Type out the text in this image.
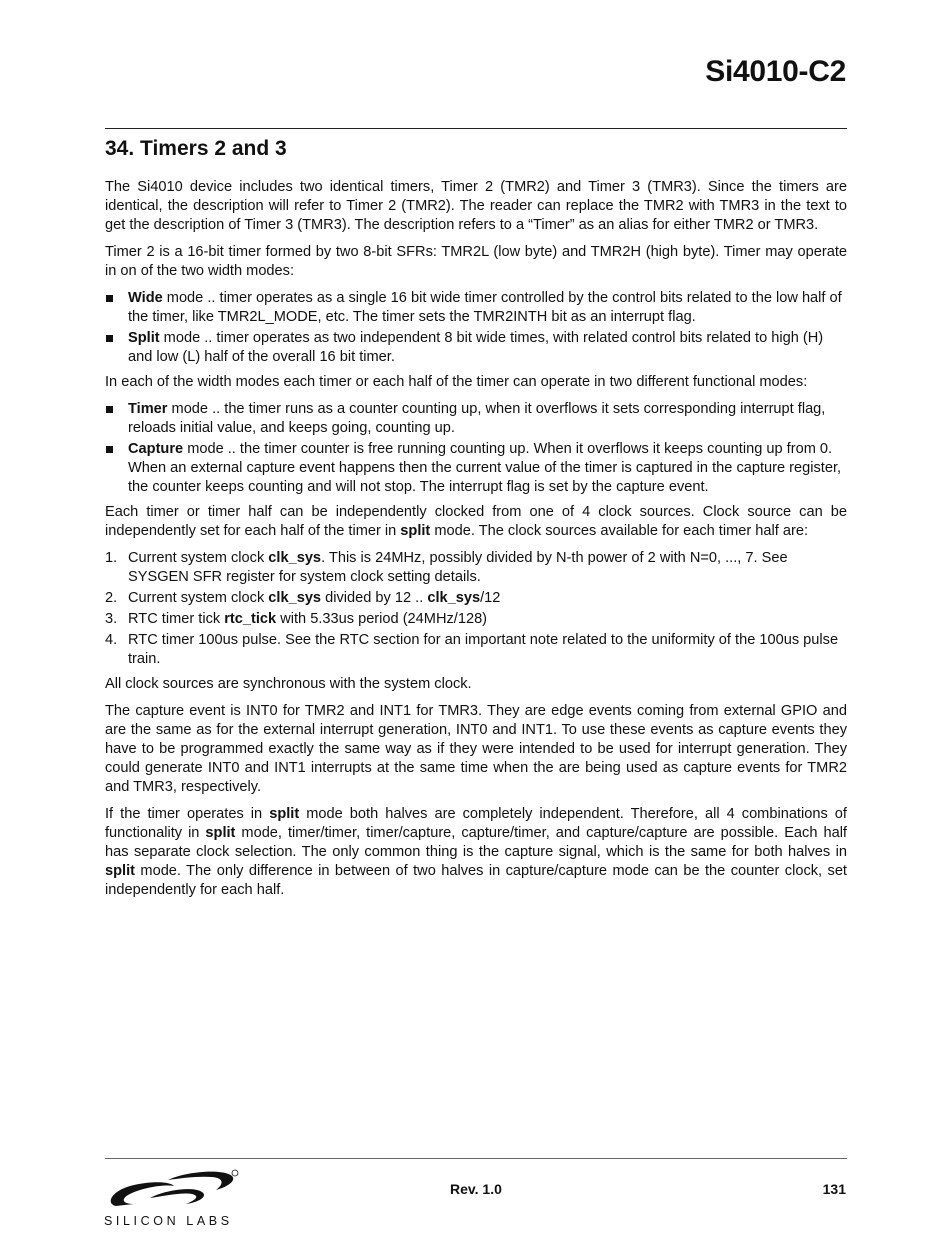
Si4010-C2
34. Timers 2 and 3

The Si4010 device includes two identical timers, Timer 2 (TMR2) and Timer 3 (TMR3). Since the timers are identical, the description will refer to Timer 2 (TMR2). The reader can replace the TMR2 with TMR3 in the text to get the description of Timer 3 (TMR3). The description refers to a “Timer” as an alias for either TMR2 or TMR3.

Timer 2 is a 16-bit timer formed by two 8-bit SFRs: TMR2L (low byte) and TMR2H (high byte). Timer may operate in on of the two width modes:

Wide mode .. timer operates as a single 16 bit wide timer controlled by the control bits related to the low half of the timer, like TMR2L_MODE, etc. The timer sets the TMR2INTH bit as an interrupt flag.
Split mode .. timer operates as two independent 8 bit wide times, with related control bits related to high (H) and low (L) half of the overall 16 bit timer.

In each of the width modes each timer or each half of the timer can operate in two different functional modes:

Timer mode .. the timer runs as a counter counting up, when it overflows it sets corresponding interrupt flag, reloads initial value, and keeps going, counting up.
Capture mode .. the timer counter is free running counting up. When it overflows it keeps counting up from 0. When an external capture event happens then the current value of the timer is captured in the capture register, the counter keeps counting and will not stop. The interrupt flag is set by the capture event.

Each timer or timer half can be independently clocked from one of 4 clock sources. Clock source can be independently set for each half of the timer in split mode. The clock sources available for each timer half are:

1. Current system clock clk_sys. This is 24MHz, possibly divided by N-th power of 2 with N=0, ..., 7. See SYSGEN SFR register for system clock setting details.
2. Current system clock clk_sys divided by 12 .. clk_sys/12
3. RTC timer tick rtc_tick with 5.33us period (24MHz/128)
4. RTC timer 100us pulse. See the RTC section for an important note related to the uniformity of the 100us pulse train.

All clock sources are synchronous with the system clock.

The capture event is INT0 for TMR2 and INT1 for TMR3. They are edge events coming from external GPIO and are the same as for the external interrupt generation, INT0 and INT1. To use these events as capture events they have to be programmed exactly the same way as if they were intended to be used for interrupt generation. They could generate INT0 and INT1 interrupts at the same time when the are being used as capture events for TMR2 and TMR3, respectively.

If the timer operates in split mode both halves are completely independent. Therefore, all 4 combinations of functionality in split mode, timer/timer, timer/capture, capture/timer, and capture/capture are possible. Each half has separate clock selection. The only common thing is the capture signal, which is the same for both halves in split mode. The only difference in between of two halves in capture/capture mode can be the counter clock, set independently for each half.

SILICON LABS
Rev. 1.0	131
